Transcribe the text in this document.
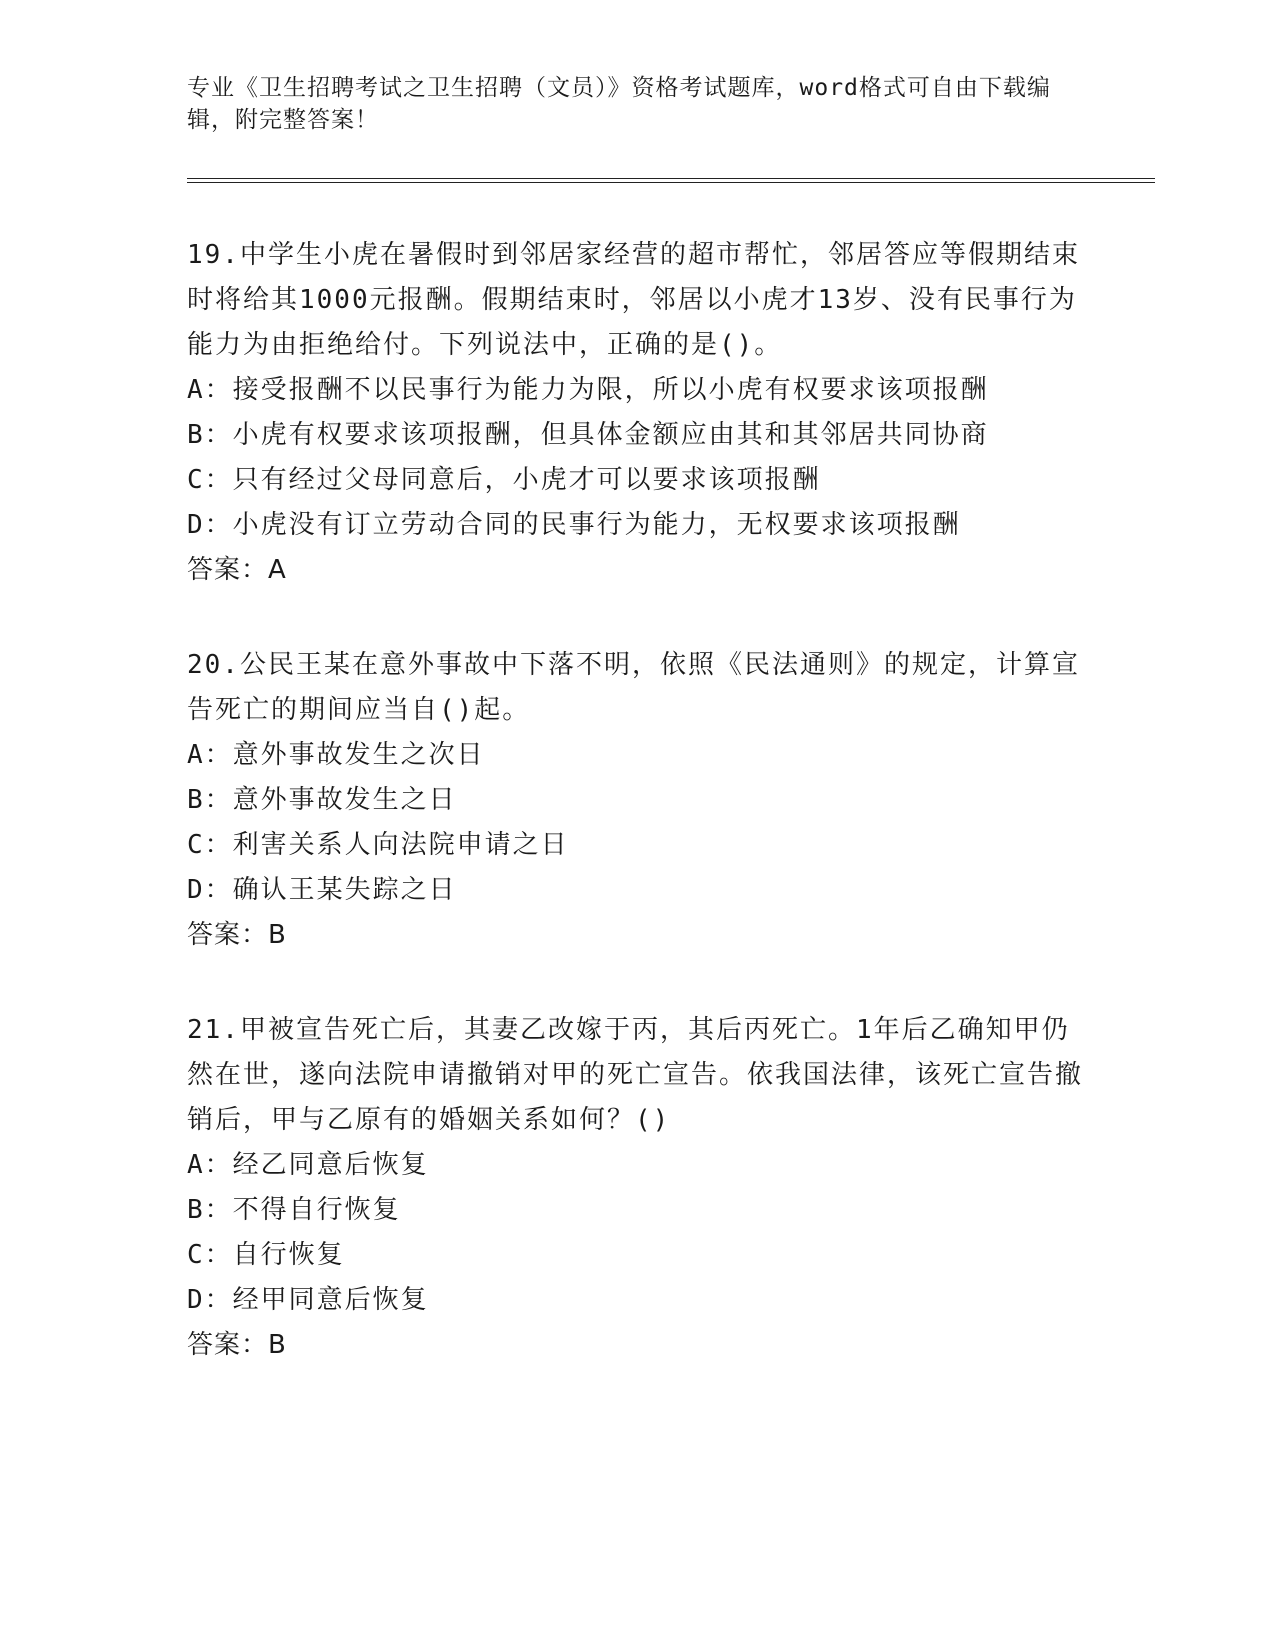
专业《卫生招聘考试之卫生招聘（文员）》资格考试题库，word格式可自由下载编辑，附完整答案！

19.中学生小虎在暑假时到邻居家经营的超市帮忙，邻居答应等假期结束时将给其1000元报酬。假期结束时，邻居以小虎才13岁、没有民事行为能力为由拒绝给付。下列说法中，正确的是()。

A：接受报酬不以民事行为能力为限，所以小虎有权要求该项报酬

B：小虎有权要求该项报酬，但具体金额应由其和其邻居共同协商

C：只有经过父母同意后，小虎才可以要求该项报酬

D：小虎没有订立劳动合同的民事行为能力，无权要求该项报酬

答案：A

20.公民王某在意外事故中下落不明，依照《民法通则》的规定，计算宣告死亡的期间应当自()起。

A：意外事故发生之次日

B：意外事故发生之日

C：利害关系人向法院申请之日

D：确认王某失踪之日

答案：B

21.甲被宣告死亡后，其妻乙改嫁于丙，其后丙死亡。1年后乙确知甲仍然在世，遂向法院申请撤销对甲的死亡宣告。依我国法律，该死亡宣告撤销后，甲与乙原有的婚姻关系如何？()

A：经乙同意后恢复

B：不得自行恢复

C：自行恢复

D：经甲同意后恢复

答案：B
